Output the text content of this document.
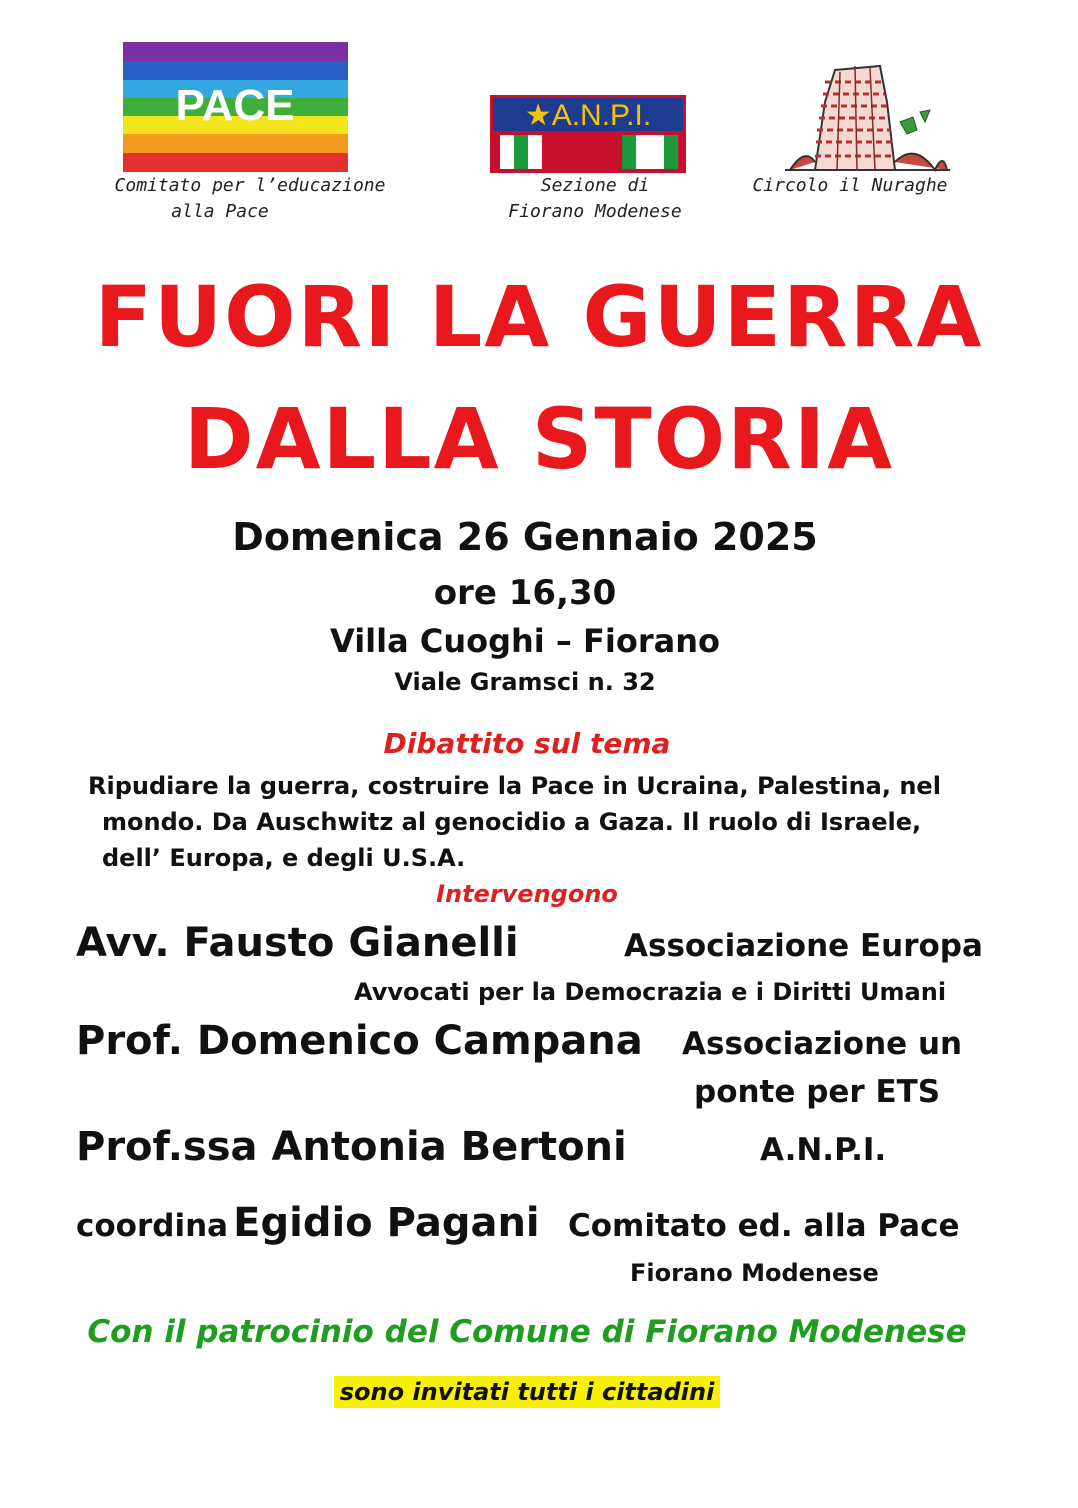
PACE
Comitato per l’educazione
alla Pace
★A.N.P.I.
Sezione di
Fiorano Modenese
Circolo il Nuraghe
FUORI LA GUERRA
DALLA STORIA
Domenica 26 Gennaio 2025
ore 16,30
Villa Cuoghi – Fiorano
Viale Gramsci n. 32
Dibattito sul tema
Ripudiare la guerra, costruire la Pace in Ucraina, Palestina, nel
mondo. Da Auschwitz al genocidio a Gaza. Il ruolo di Israele,
dell’ Europa, e degli U.S.A.
Intervengono
Avv. Fausto Gianelli	Associazione Europa
Avvocati per la Democrazia e i Diritti Umani
Prof. Domenico Campana Associazione un
ponte per ETS
Prof.ssa Antonia Bertoni	A.N.P.I.
coordina Egidio Pagani Comitato ed. alla Pace
Fiorano Modenese
Con il patrocinio del Comune di Fiorano Modenese
sono invitati tutti i cittadini
